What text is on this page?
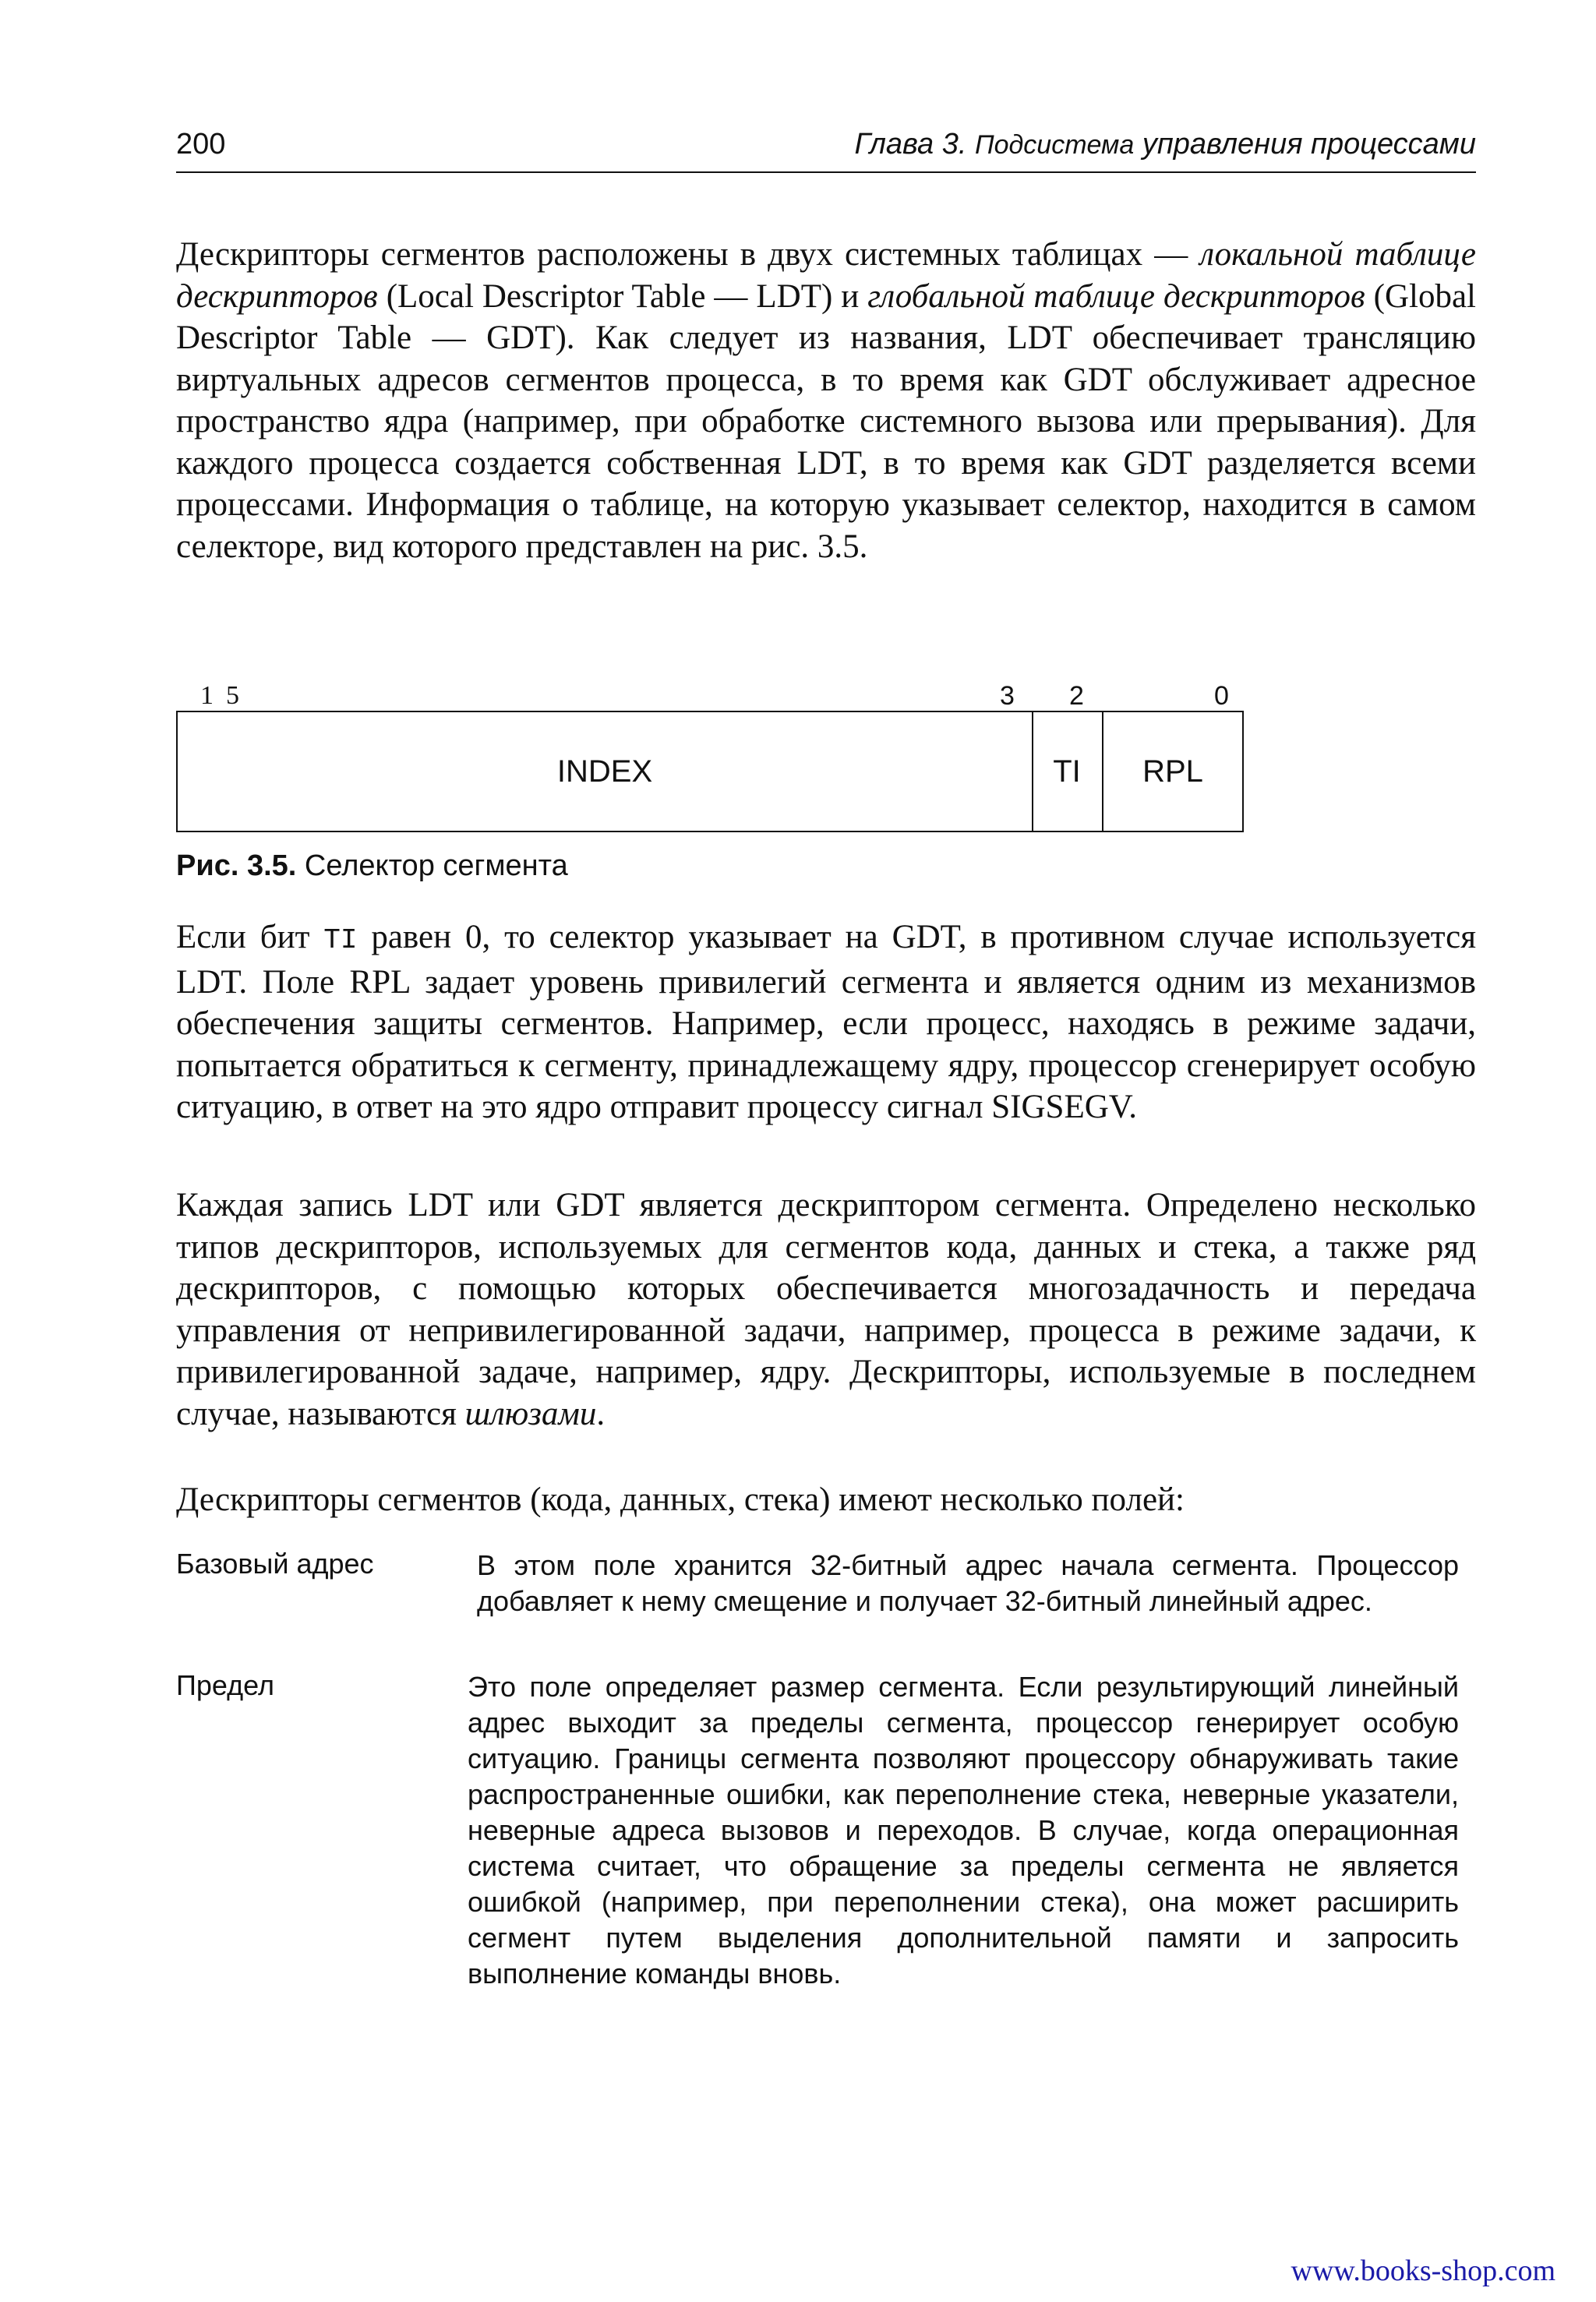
200	Глава 3. Подсистема управления процессами

Дескрипторы сегментов расположены в двух системных таблицах — локальной таблице дескрипторов (Local Descriptor Table — LDT) и глобальной таблице дескрипторов (Global Descriptor Table — GDT). Как следует из названия, LDT обеспечивает трансляцию виртуальных адресов сегментов процесса, в то время как GDT обслуживает адресное пространство ядра (например, при обработке системного вызова или прерывания). Для каждого процесса создается собственная LDT, в то время как GDT разделяется всеми процессами. Информация о таблице, на которую указывает селектор, находится в самом селекторе, вид которого представлен на рис. 3.5.

15	3 2	0
INDEX	TI	RPL
Рис. 3.5. Селектор сегмента

Если бит TI равен 0, то селектор указывает на GDT, в противном случае используется LDT. Поле RPL задает уровень привилегий сегмента и является одним из механизмов обеспечения защиты сегментов. Например, если процесс, находясь в режиме задачи, попытается обратиться к сегменту, принадлежащему ядру, процессор сгенерирует особую ситуацию, в ответ на это ядро отправит процессу сигнал SIGSEGV.

Каждая запись LDT или GDT является дескриптором сегмента. Определено несколько типов дескрипторов, используемых для сегментов кода, данных и стека, а также ряд дескрипторов, с помощью которых обеспечивается многозадачность и передача управления от непривилегированной задачи, например, процесса в режиме задачи, к привилегированной задаче, например, ядру. Дескрипторы, используемые в последнем случае, называются шлюзами.

Дескрипторы сегментов (кода, данных, стека) имеют несколько полей:

Базовый адрес	В этом поле хранится 32-битный адрес начала сегмента. Процессор добавляет к нему смещение и получает 32-битный линейный адрес.

Предел	Это поле определяет размер сегмента. Если результирующий линейный адрес выходит за пределы сегмента, процессор генерирует особую ситуацию. Границы сегмента позволяют процессору обнаруживать такие распространенные ошибки, как переполнение стека, неверные указатели, неверные адреса вызовов и переходов. В случае, когда операционная система считает, что обращение за пределы сегмента не является ошибкой (например, при переполнении стека), она может расширить сегмент путем выделения дополнительной памяти и запросить выполнение команды вновь.

www.books-shop.com
